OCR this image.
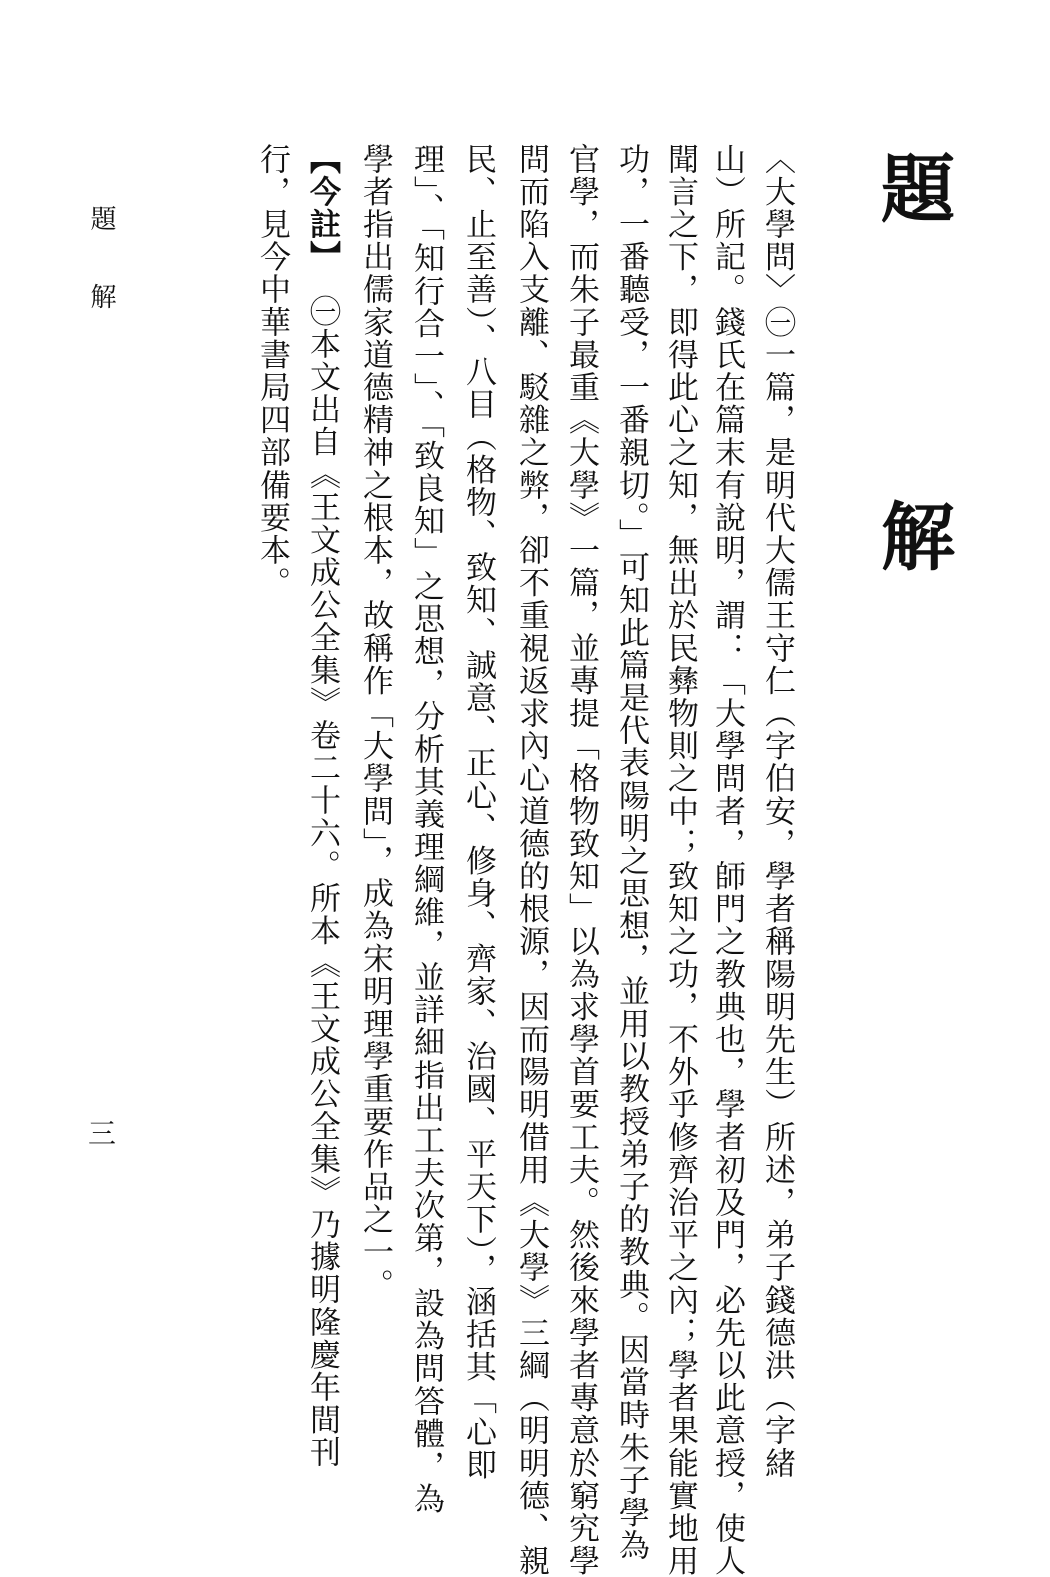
題　解
〈大學問〉㊀一篇，是明代大儒王守仁（字伯安，學者稱陽明先生）所述，弟子錢德洪（字緒
山）所記。錢氏在篇末有說明，謂：「大學問者，師門之教典也，學者初及門，必先以此意授，使人
聞言之下，即得此心之知，無出於民彝物則之中；致知之功，不外乎修齊治平之內；學者果能實地用
功，一番聽受，一番親切。」可知此篇是代表陽明之思想，並用以教授弟子的教典。因當時朱子學為
官學，而朱子最重《大學》一篇，並專提「格物致知」以為求學首要工夫。然後來學者專意於窮究學
問而陷入支離、駁雜之弊，卻不重視返求內心道德的根源，因而陽明借用《大學》三綱（明明德、親
民、止至善）、八目（格物、致知、誠意、正心、修身、齊家、治國、平天下），涵括其「心即
理」、「知行合一」、「致良知」之思想，分析其義理綱維，並詳細指出工夫次第，設為問答體，為
學者指出儒家道德精神之根本，故稱作「大學問」，成為宋明理學重要作品之一。
【今註】㊀本文出自《王文成公全集》卷二十六。所本《王文成公全集》乃據明隆慶年間刊
行，見今中華書局四部備要本。
題解
三
